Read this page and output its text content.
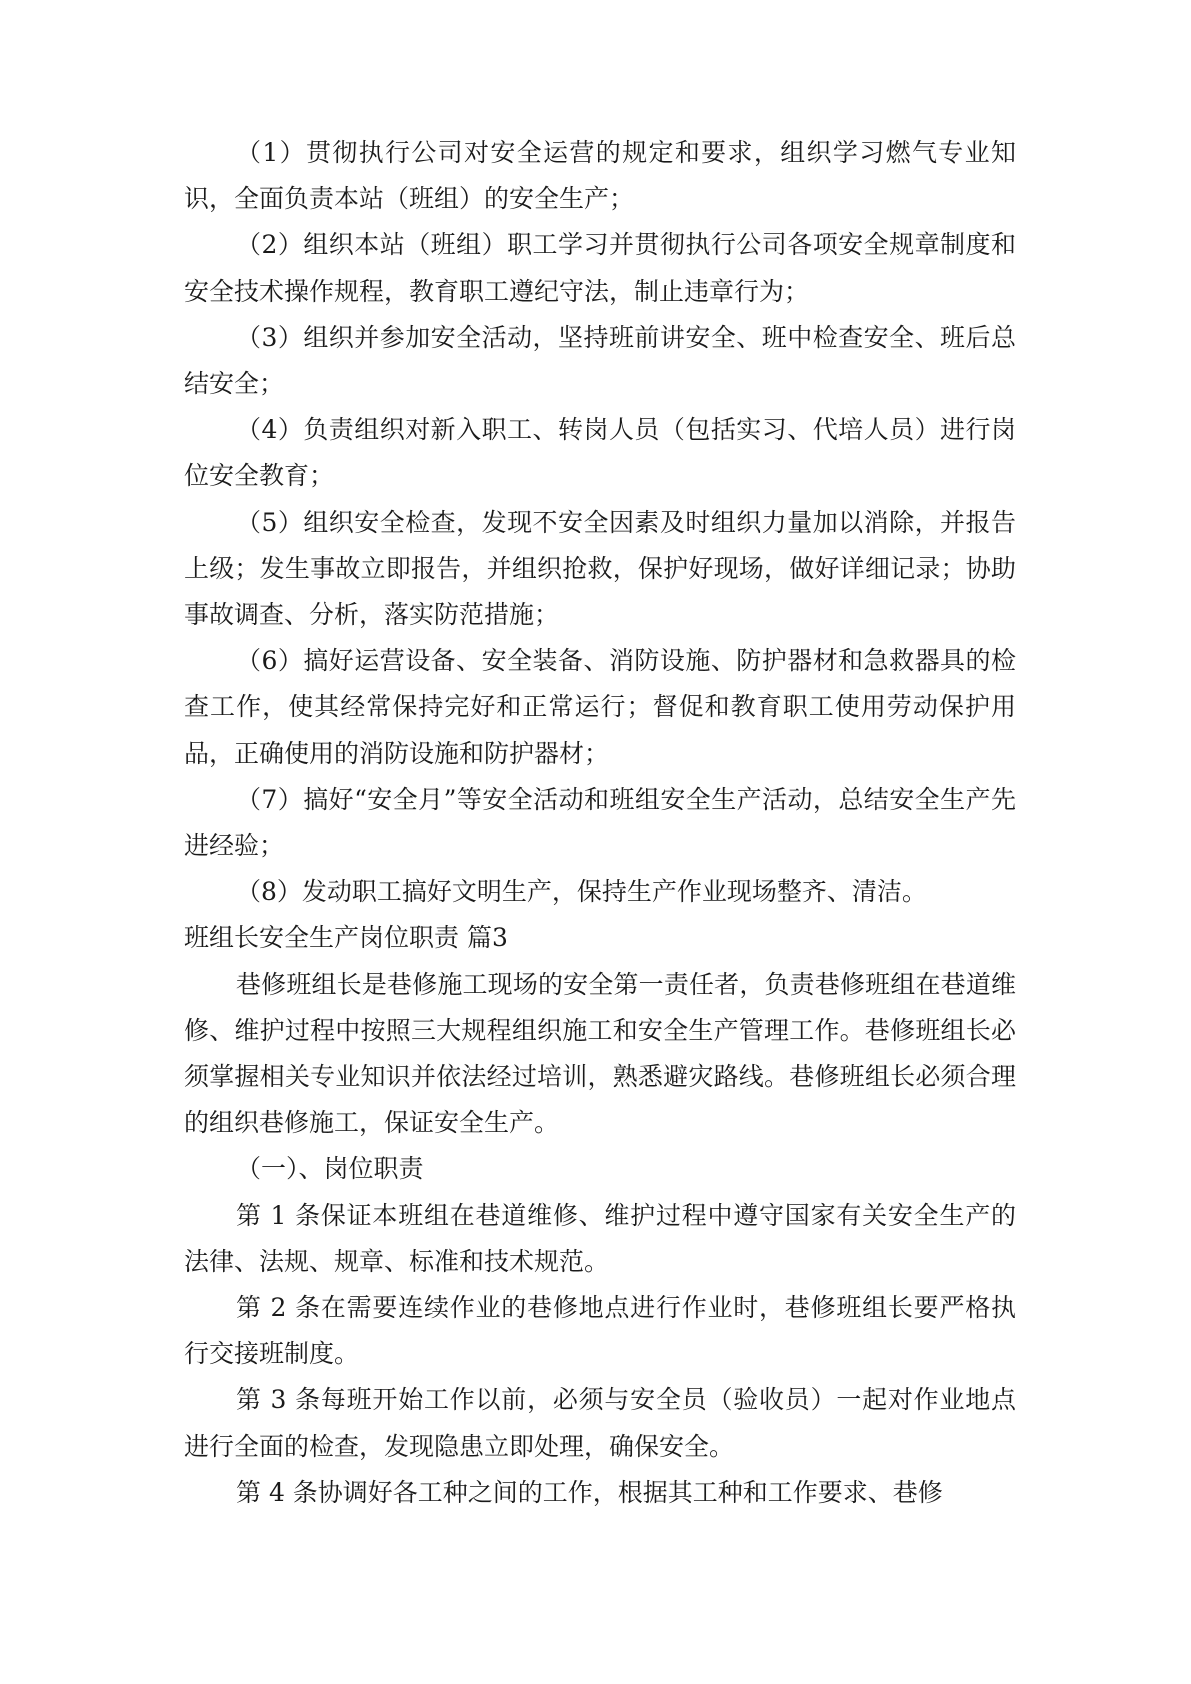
（1）贯彻执行公司对安全运营的规定和要求，组织学习燃气专业知识，全面负责本站（班组）的安全生产；

（2）组织本站（班组）职工学习并贯彻执行公司各项安全规章制度和安全技术操作规程，教育职工遵纪守法，制止违章行为；

（3）组织并参加安全活动，坚持班前讲安全、班中检查安全、班后总结安全；

（4）负责组织对新入职工、转岗人员（包括实习、代培人员）进行岗位安全教育；

（5）组织安全检查，发现不安全因素及时组织力量加以消除，并报告上级；发生事故立即报告，并组织抢救，保护好现场，做好详细记录；协助事故调查、分析，落实防范措施；

（6）搞好运营设备、安全装备、消防设施、防护器材和急救器具的检查工作，使其经常保持完好和正常运行；督促和教育职工使用劳动保护用品，正确使用的消防设施和防护器材；

（7）搞好“安全月”等安全活动和班组安全生产活动，总结安全生产先进经验；

（8）发动职工搞好文明生产，保持生产作业现场整齐、清洁。

班组长安全生产岗位职责 篇3

巷修班组长是巷修施工现场的安全第一责任者，负责巷修班组在巷道维修、维护过程中按照三大规程组织施工和安全生产管理工作。巷修班组长必须掌握相关专业知识并依法经过培训，熟悉避灾路线。巷修班组长必须合理的组织巷修施工，保证安全生产。

（一）、岗位职责

第 1 条保证本班组在巷道维修、维护过程中遵守国家有关安全生产的法律、法规、规章、标准和技术规范。

第 2 条在需要连续作业的巷修地点进行作业时，巷修班组长要严格执行交接班制度。

第 3 条每班开始工作以前，必须与安全员（验收员）一起对作业地点进行全面的检查，发现隐患立即处理，确保安全。

第 4 条协调好各工种之间的工作，根据其工种和工作要求、巷修
